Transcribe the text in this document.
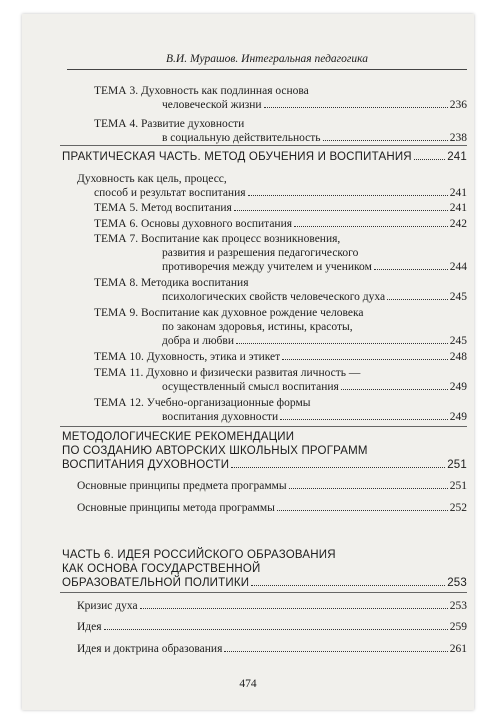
В.И. Мурашов. Интегральная педагогика
ТЕМА 3. Духовность как подлинная основа
человеческой жизни	236
ТЕМА 4. Развитие духовности
в социальную действительность	238
ПРАКТИЧЕСКАЯ ЧАСТЬ. МЕТОД ОБУЧЕНИЯ И ВОСПИТАНИЯ	241
Духовность как цель, процесс,
способ и результат воспитания	241
ТЕМА 5. Метод воспитания	241
ТЕМА 6. Основы духовного воспитания	242
ТЕМА 7. Воспитание как процесс возникновения,
развития и разрешения педагогического
противоречия между учителем и учеником	244
ТЕМА 8. Методика воспитания
психологических свойств человеческого духа	245
ТЕМА 9. Воспитание как духовное рождение человека
по законам здоровья, истины, красоты,
добра и любви	245
ТЕМА 10. Духовность, этика и этикет	248
ТЕМА 11. Духовно и физически развитая личность —
осуществленный смысл воспитания	249
ТЕМА 12. Учебно-организационные формы
воспитания духовности	249
МЕТОДОЛОГИЧЕСКИЕ РЕКОМЕНДАЦИИ
ПО СОЗДАНИЮ АВТОРСКИХ ШКОЛЬНЫХ ПРОГРАММ
ВОСПИТАНИЯ ДУХОВНОСТИ	251
Основные принципы предмета программы	251
Основные принципы метода программы	252
ЧАСТЬ 6. ИДЕЯ РОССИЙСКОГО ОБРАЗОВАНИЯ
КАК ОСНОВА ГОСУДАРСТВЕННОЙ
ОБРАЗОВАТЕЛЬНОЙ ПОЛИТИКИ	253
Кризис духа	253
Идея	259
Идея и доктрина образования	261
474
